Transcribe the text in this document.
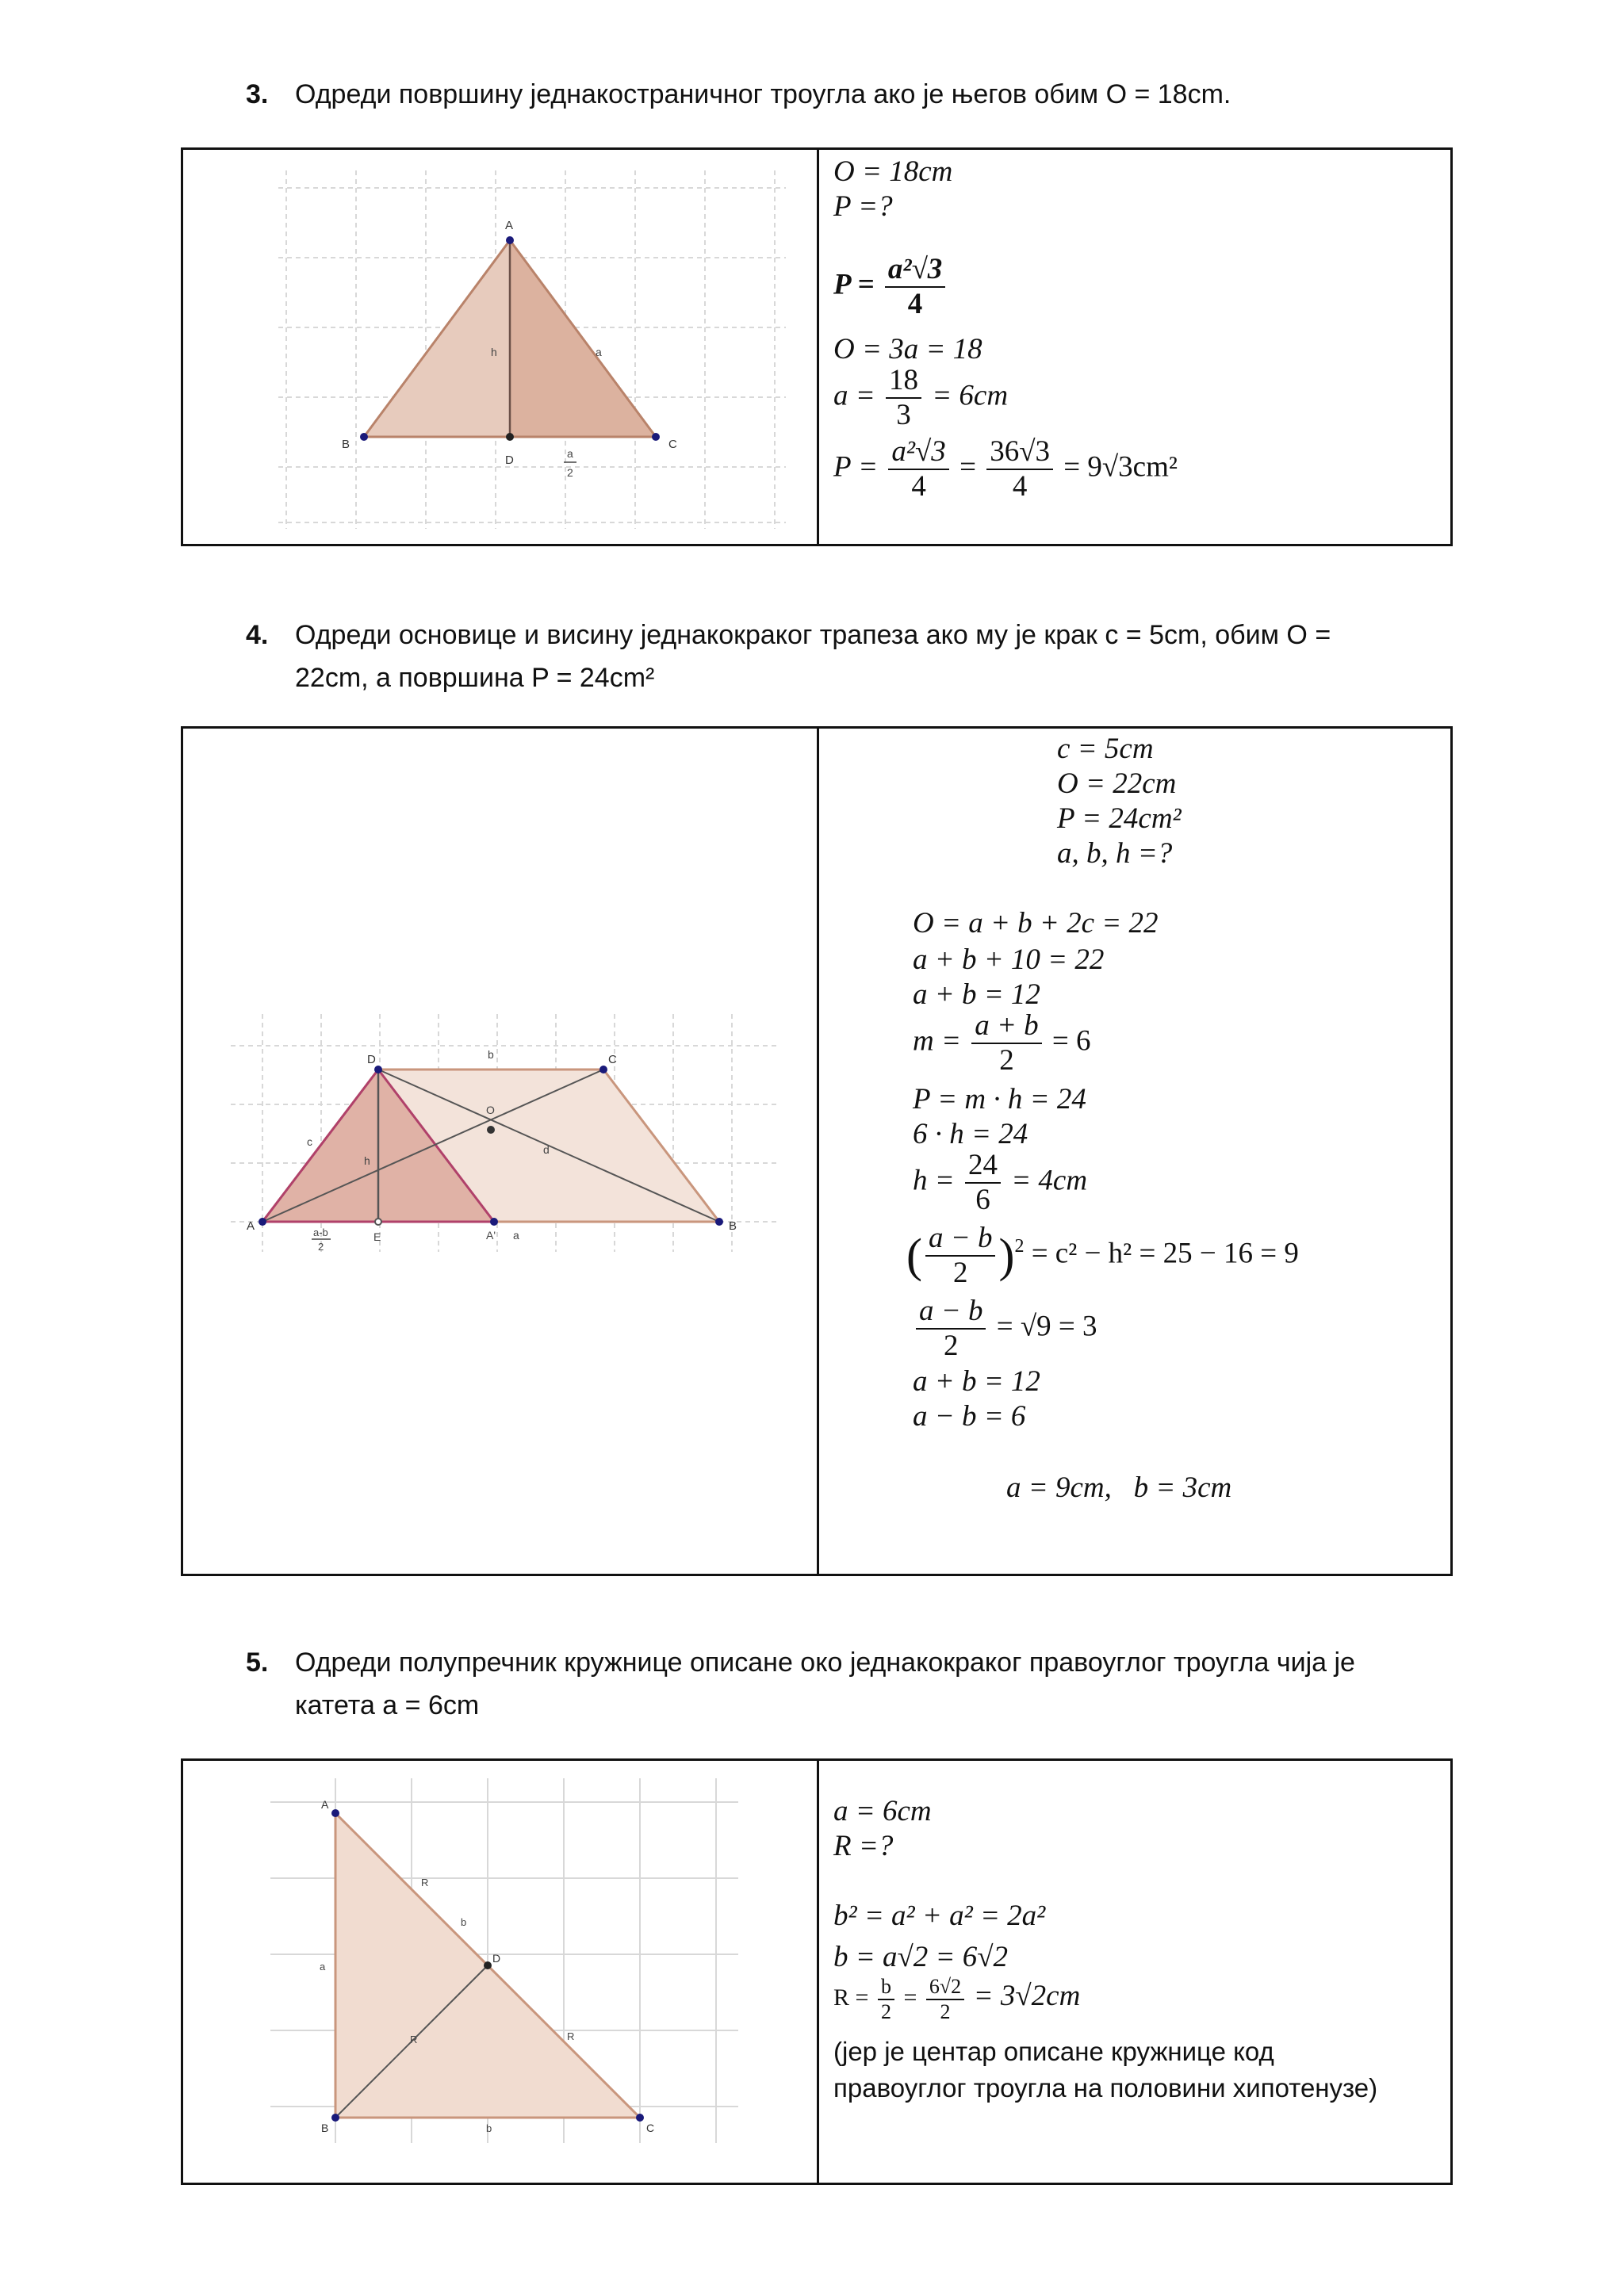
3. Одреди површину једнакостраничног троугла ако је његов обим O = 18cm.
A
B	C
D
h	a
a
2
O = 18cm
P =?
$P = \frac{\text{a²√3}}{4}$
O = 3a = 18
$a = \frac{18}{3} = 6cm$
$P = \frac{\text{a²√3}}{4} = \frac{36√3}{4} = 9√3cm^2$
4. Одреди основице и висину једнакокраког трапеза ако му је крак c = 5cm, обим O =
22cm, а површина P = 24cm²
A	B
C
D
E	A'
O
b
c
d
h
a
a-b
2
c = 5cm
O = 22cm
P = 24cm²
a, b, h =?
O = a + b + 2c = 22
a + b + 10 = 22
a + b = 12
$m = \frac{a + b}{2} = 6$
P = m · h = 24
6 · h = 24
$h = \frac{24}{6} = 4cm$
( $\frac{a - b}{2} )^2 = c^2 - h^2 = 25 - 16 = 9$
$\frac{a - b}{2} = √9 = 3$
a + b = 12
a − b = 6
a = 9cm,   b = 3cm
5. Одреди полупречник кружнице описане око једнакокраког правоуглог троугла чија је
катета a = 6cm
A
B	C
D
a
b
b
R
R	R
a = 6cm
R =?
b² = a² + a² = 2a²
b = a√2 = 6√2
$R = \frac{b}{2} = \frac{6√2}{2} = 3√2cm$
(јер је центар описане кружнице код
правоуглог троугла на половини хипотенузе)
